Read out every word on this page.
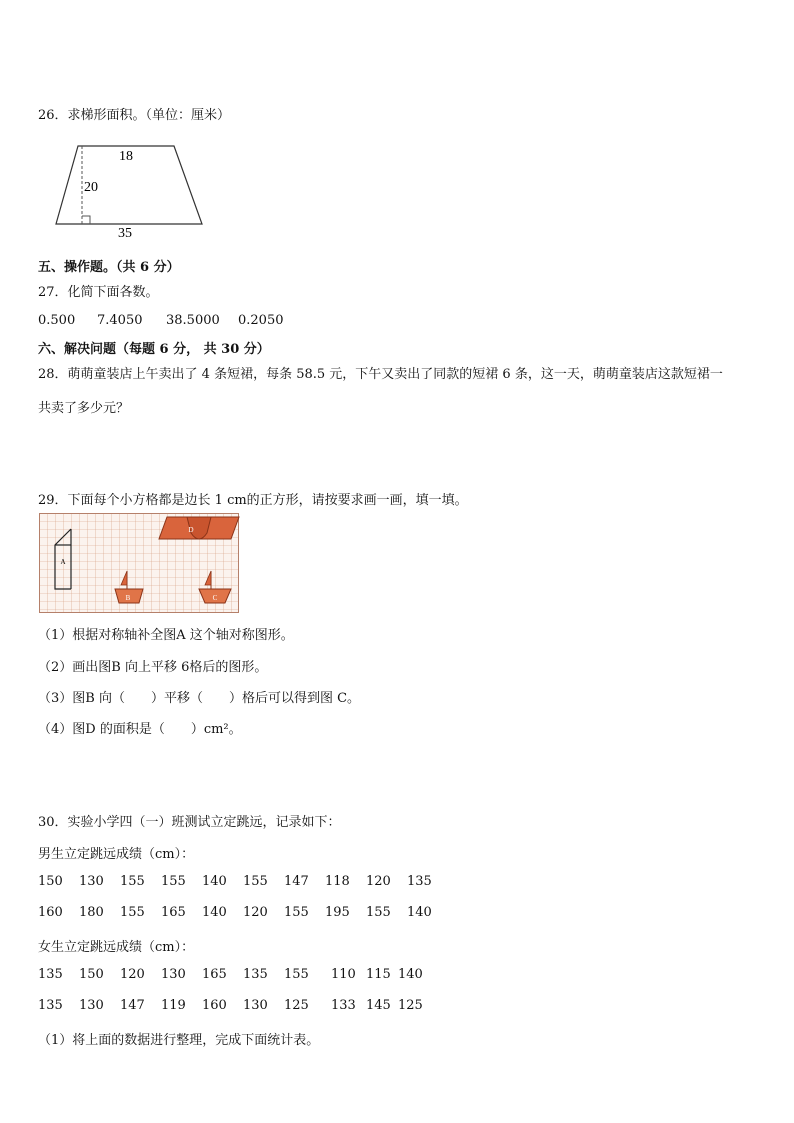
26．求梯形面积。（单位：厘米）
18
20
35
五、操作题。（共 6 分）
27．化简下面各数。
0.500 7.4050 38.5000 0.2050
六、解决问题（每题 6 分， 共 30 分）
28．萌萌童装店上午卖出了 4 条短裙，每条 58.5 元，下午又卖出了同款的短裙 6 条，这一天，萌萌童装店这款短裙一
共卖了多少元？
29．下面每个小方格都是边长 1 cm的正方形，请按要求画一画，填一填。
A
D
B	C
（1）根据对称轴补全图A 这个轴对称图形。
（2）画出图B 向上平移 6格后的图形。
（3）图B 向（　　）平移（　　）格后可以得到图 C。
（4）图D 的面积是（　　）cm²。
30．实验小学四（一）班测试立定跳远，记录如下：
男生立定跳远成绩（cm）：
150 130 155 155 140 155 147 118 120 135
160 180 155 165 140 120 155 195 155 140
女生立定跳远成绩（cm）：
135 150 120 130 165 135 155 110 115 140
135 130 147 119 160 130 125 133 145 125
（1）将上面的数据进行整理，完成下面统计表。
